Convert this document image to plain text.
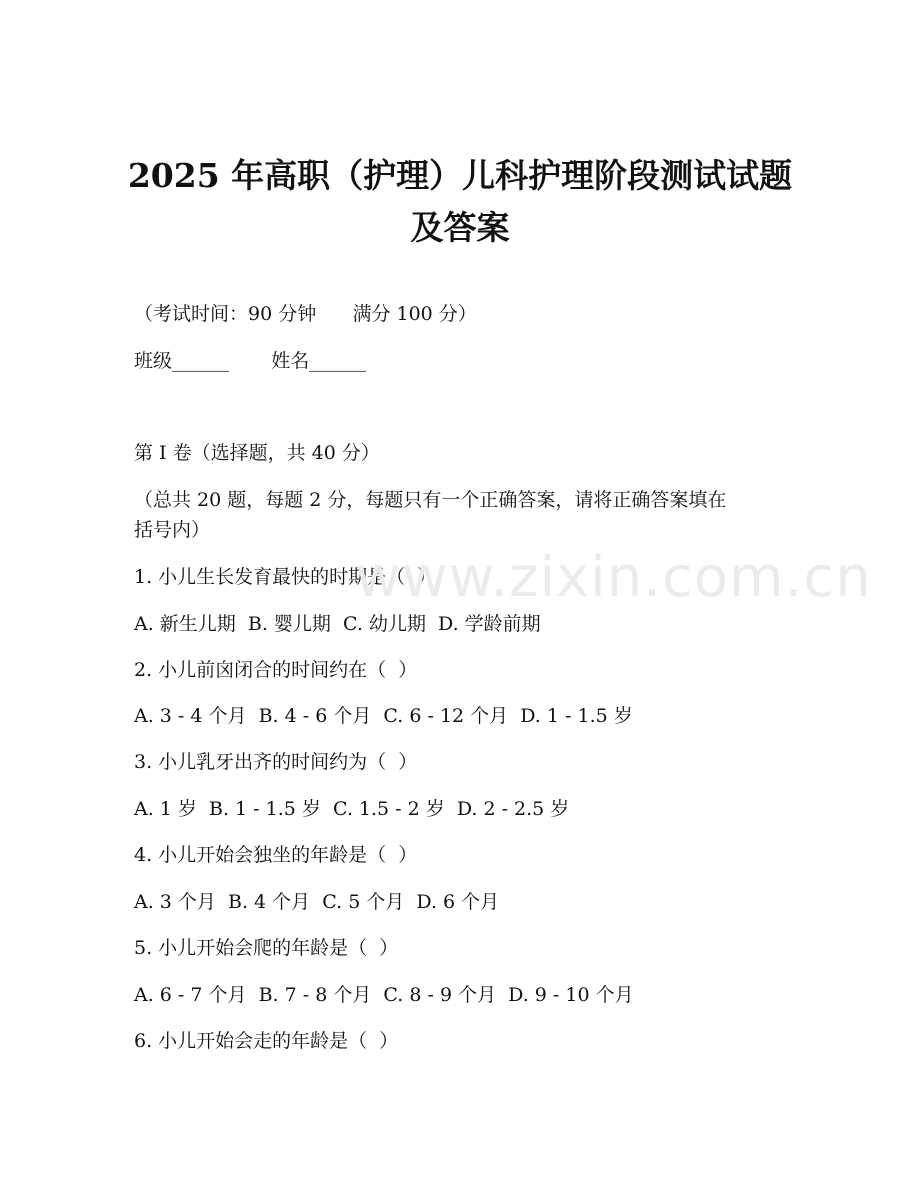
2025 年高职（护理）儿科护理阶段测试试题
及答案

（考试时间：90 分钟      满分 100 分）

班级______       姓名______

第 I 卷（选择题，共 40 分）

（总共 20 题，每题 2 分，每题只有一个正确答案，请将正确答案填在

括号内）

1. 小儿生长发育最快的时期是（  ）

A. 新生儿期  B. 婴儿期  C. 幼儿期  D. 学龄前期

2. 小儿前囟闭合的时间约在（  ）

A. 3 - 4 个月  B. 4 - 6 个月  C. 6 - 12 个月  D. 1 - 1.5 岁

3. 小儿乳牙出齐的时间约为（  ）

A. 1 岁  B. 1 - 1.5 岁  C. 1.5 - 2 岁  D. 2 - 2.5 岁

4. 小儿开始会独坐的年龄是（  ）

A. 3 个月  B. 4 个月  C. 5 个月  D. 6 个月

5. 小儿开始会爬的年龄是（  ）

A. 6 - 7 个月  B. 7 - 8 个月  C. 8 - 9 个月  D. 9 - 10 个月

6. 小儿开始会走的年龄是（  ）

www.zixin.com.cn
